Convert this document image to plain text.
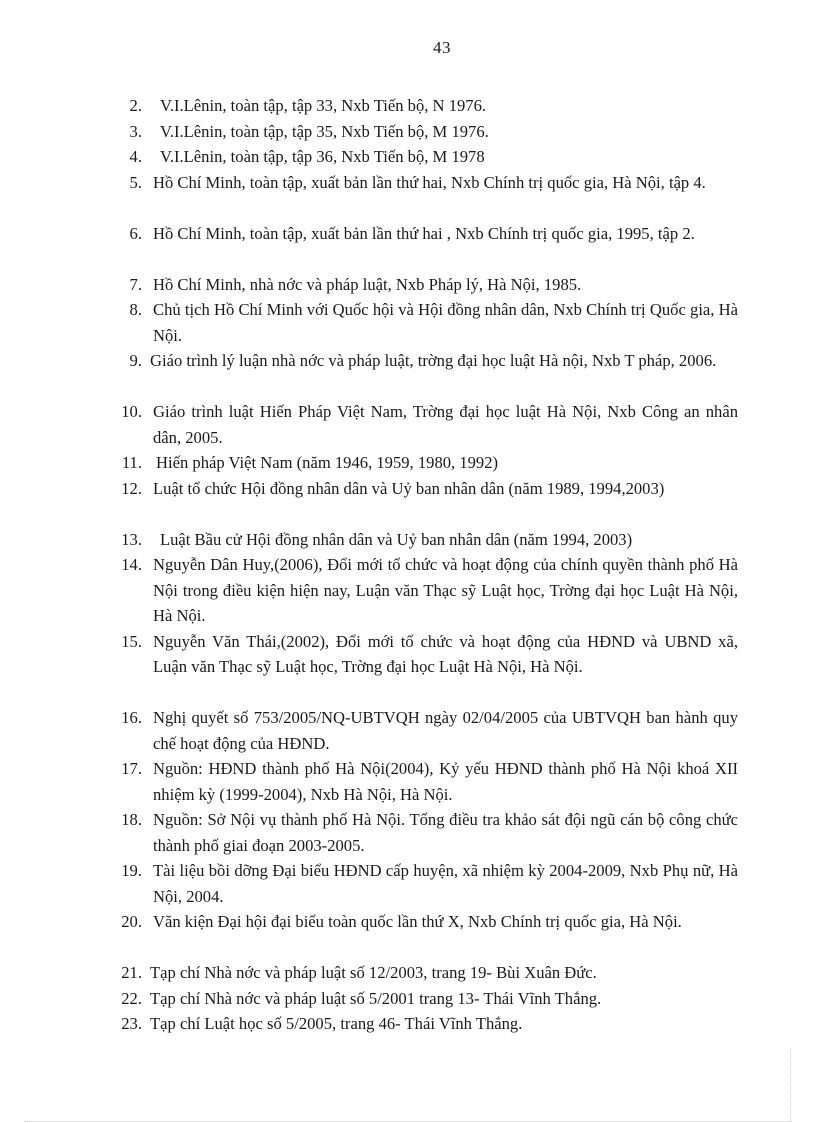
43
2. V.I.Lênin, toàn tập, tập 33, Nxb Tiến bộ, N 1976.
3. V.I.Lênin, toàn tập, tập 35, Nxb Tiến bộ, M 1976.
4. V.I.Lênin, toàn tập, tập 36, Nxb Tiến bộ, M 1978
5. Hồ Chí Minh, toàn tập, xuất bản lần thứ hai, Nxb Chính trị quốc gia, Hà Nội, tập 4.
6. Hồ Chí Minh, toàn tập, xuất bản lần thứ hai , Nxb Chính trị quốc gia, 1995, tập 2.
7. Hồ Chí Minh, nhà nớc và pháp luật, Nxb Pháp lý, Hà Nội, 1985.
8. Chủ tịch Hồ Chí Minh với Quốc hội và Hội đồng nhân dân, Nxb Chính trị Quốc gia, Hà Nội.
9. Giáo trình lý luận nhà nớc và pháp luật, trờng đại học luật Hà nội, Nxb T pháp, 2006.
10. Giáo trình luật Hiến Pháp Việt Nam, Trờng đại học luật Hà Nội, Nxb Công an nhân dân, 2005.
11. Hiến pháp Việt Nam (năm 1946, 1959, 1980, 1992)
12. Luật tổ chức Hội đồng nhân dân và Uỷ ban nhân dân (năm 1989, 1994,2003)
13. Luật Bầu cử Hội đồng nhân dân và Uỷ ban nhân dân (năm 1994, 2003)
14. Nguyễn Dân Huy,(2006), Đổi mới tổ chức và hoạt động của chính quyền thành phố Hà Nội trong điều kiện hiện nay, Luận văn Thạc sỹ Luật học, Trờng đại học Luật Hà Nội, Hà Nội.
15. Nguyễn Văn Thái,(2002), Đổi mới tổ chức và hoạt động của HĐND và UBND xã, Luận văn Thạc sỹ Luật học, Trờng đại học Luật Hà Nội, Hà Nội.
16. Nghị quyết số 753/2005/NQ-UBTVQH ngày 02/04/2005 của UBTVQH ban hành quy chế hoạt động của HĐND.
17. Nguồn: HĐND thành phố Hà Nội(2004), Kỷ yếu HĐND thành phố Hà Nội khoá XII nhiệm kỳ (1999-2004), Nxb Hà Nội, Hà Nội.
18. Nguồn: Sở Nội vụ thành phố Hà Nội. Tổng điều tra khảo sát đội ngũ cán bộ công chức thành phố giai đoạn 2003-2005.
19. Tài liệu bồi dỡng Đại biểu HĐND cấp huyện, xã nhiệm kỳ 2004-2009, Nxb Phụ nữ, Hà Nội, 2004.
20. Văn kiện Đại hội đại biểu toàn quốc lần thứ X, Nxb Chính trị quốc gia, Hà Nội.
21. Tạp chí Nhà nớc và pháp luật số 12/2003, trang 19- Bùi Xuân Đức.
22. Tạp chí Nhà nớc và pháp luật số 5/2001 trang 13- Thái Vĩnh Thắng.
23. Tạp chí Luật học số 5/2005, trang 46- Thái Vĩnh Thắng.
